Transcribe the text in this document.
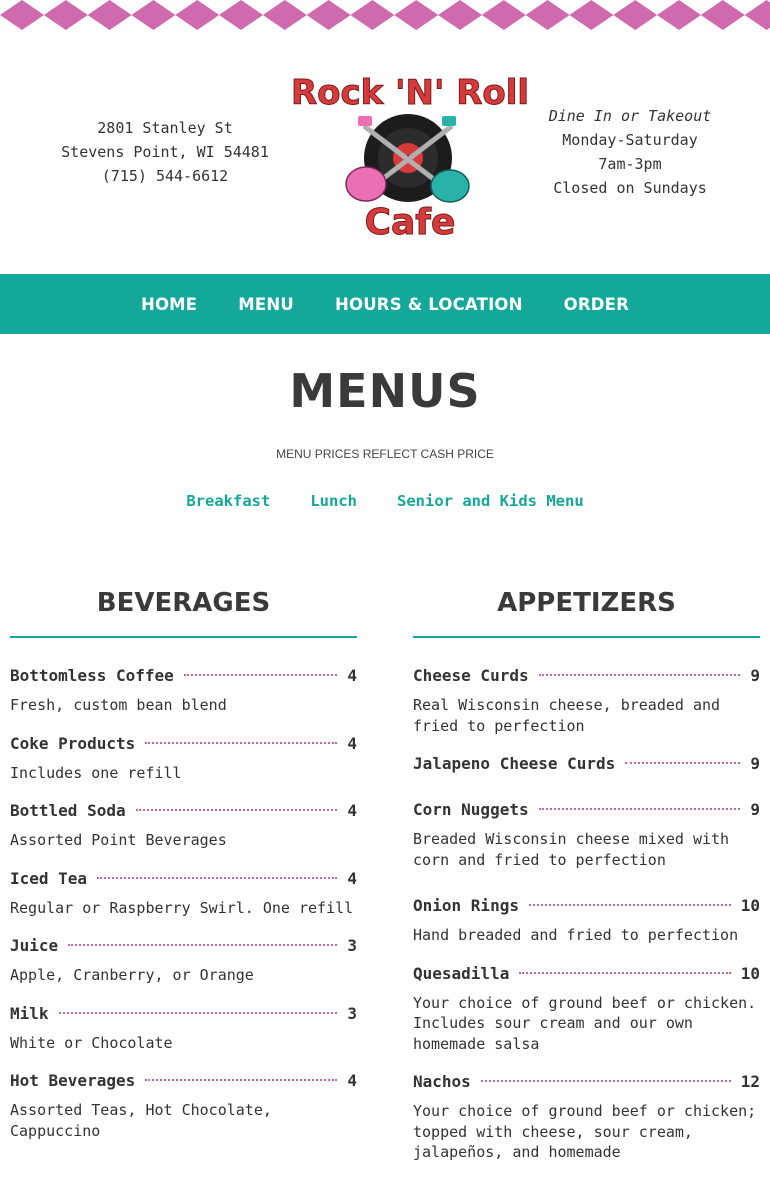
2801 Stanley St
Stevens Point, WI 54481
(715) 544-6612
Rock 'N' Roll
Cafe
Dine In or Takeout
Monday-Saturday
7am-3pm
Closed on Sundays
HOME MENU HOURS & LOCATION ORDER
MENUS
MENU PRICES REFLECT CASH PRICE
Breakfast	Lunch	Senior and Kids Menu
BEVERAGES
Bottomless Coffee	4
Fresh, custom bean blend
Coke Products	4
Includes one refill
Bottled Soda	4
Assorted Point Beverages
Iced Tea	4
Regular or Raspberry Swirl. One refill
Juice	3
Apple, Cranberry, or Orange
Milk	3
White or Chocolate
Hot Beverages	4
Assorted Teas, Hot Chocolate, Cappuccino
APPETIZERS
Cheese Curds	9
Real Wisconsin cheese, breaded and fried to perfection
Jalapeno Cheese Curds	9
Corn Nuggets	9
Breaded Wisconsin cheese mixed with corn and fried to perfection
Onion Rings	10
Hand breaded and fried to perfection
Quesadilla	10
Your choice of ground beef or chicken. Includes sour cream and our own homemade salsa
Nachos	12
Your choice of ground beef or chicken; topped with cheese, sour cream, jalapeños, and homemade
